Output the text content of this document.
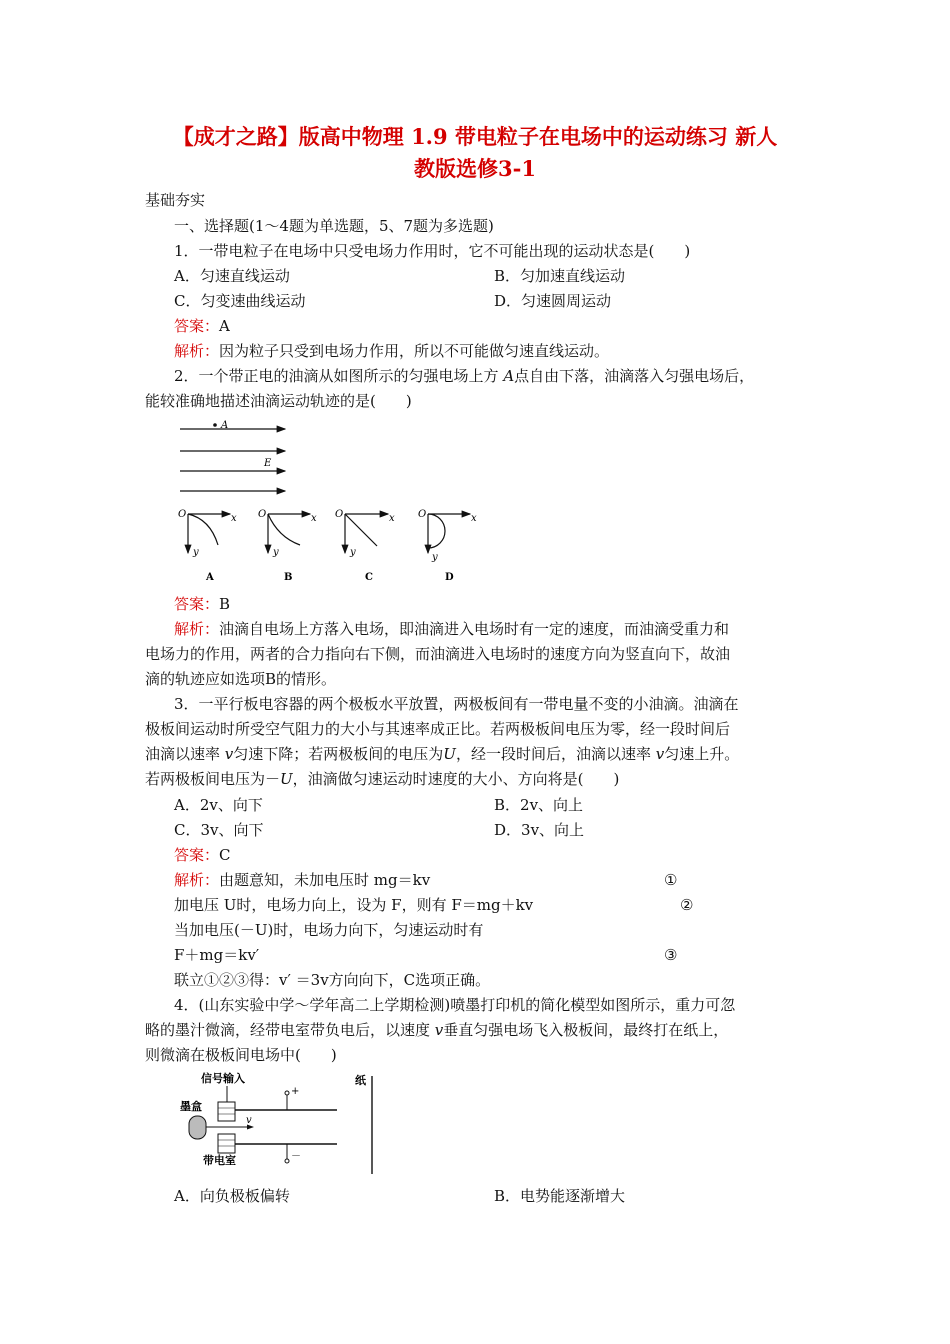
【成才之路】版高中物理 1.9 带电粒子在电场中的运动练习 新人
教版选修3-1
基础夯实
一、选择题(1～4题为单选题，5、7题为多选题)
1．一带电粒子在电场中只受电场力作用时，它不可能出现的运动状态是(　　)
A．匀速直线运动	B．匀加速直线运动
C．匀变速曲线运动	D．匀速圆周运动
答案：A
解析：因为粒子只受到电场力作用，所以不可能做匀速直线运动。
2．一个带正电的油滴从如图所示的匀强电场上方 A点自由下落，油滴落入匀强电场后，
能较准确地描述油滴运动轨迹的是(　　)
A
E
O	x
y
A
O	x
y
B
O	x
y
C
O	x
y
D
答案：B
解析：油滴自电场上方落入电场，即油滴进入电场时有一定的速度，而油滴受重力和
电场力的作用，两者的合力指向右下侧，而油滴进入电场时的速度方向为竖直向下，故油
滴的轨迹应如选项B的情形。
3．一平行板电容器的两个极板水平放置，两极板间有一带电量不变的小油滴。油滴在
极板间运动时所受空气阻力的大小与其速率成正比。若两极板间电压为零，经一段时间后
油滴以速率 v匀速下降；若两极板间的电压为U，经一段时间后，油滴以速率 v匀速上升。
若两极板间电压为－U，油滴做匀速运动时速度的大小、方向将是(　　)
A．2v、向下	B．2v、向上
C．3v、向下	D．3v、向上
答案：C
解析：由题意知，未加电压时 mg＝kv	①
加电压 U时，电场力向上，设为 F，则有 F＝mg＋kv	②
当加电压(－U)时，电场力向下，匀速运动时有
F＋mg＝kv′	③
联立①②③得：v′ ＝3v方向向下，C选项正确。
4．(山东实验中学～学年高二上学期检测)喷墨打印机的简化模型如图所示，重力可忽
略的墨汁微滴，经带电室带负电后，以速度 v垂直匀强电场飞入极板间，最终打在纸上，
则微滴在极板间电场中(　　)
信号输入
墨盒
带电室
纸
v
+
－
A．向负极板偏转	B．电势能逐渐增大
